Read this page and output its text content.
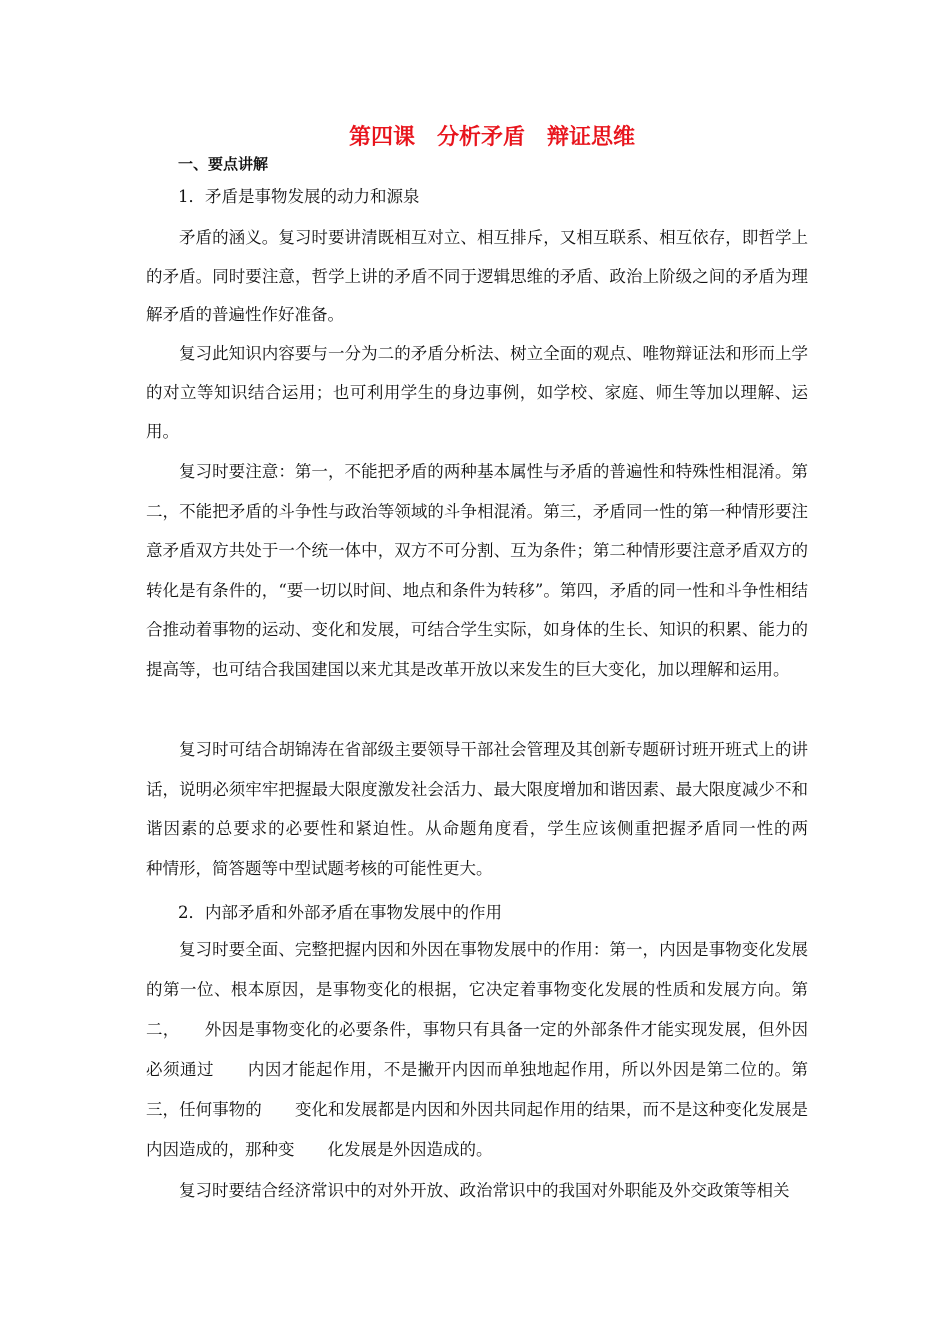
第四课　分析矛盾　辩证思维
一、要点讲解
1．矛盾是事物发展的动力和源泉

矛盾的涵义。复习时要讲清既相互对立、相互排斥，又相互联系、相互依存，即哲学上的矛盾。同时要注意，哲学上讲的矛盾不同于逻辑思维的矛盾、政治上阶级之间的矛盾为理解矛盾的普遍性作好准备。

复习此知识内容要与一分为二的矛盾分析法、树立全面的观点、唯物辩证法和形而上学的对立等知识结合运用；也可利用学生的身边事例，如学校、家庭、师生等加以理解、运用。

复习时要注意：第一，不能把矛盾的两种基本属性与矛盾的普遍性和特殊性相混淆。第二，不能把矛盾的斗争性与政治等领域的斗争相混淆。第三，矛盾同一性的第一种情形要注意矛盾双方共处于一个统一体中，双方不可分割、互为条件；第二种情形要注意矛盾双方的转化是有条件的，“要一切以时间、地点和条件为转移”。第四，矛盾的同一性和斗争性相结合推动着事物的运动、变化和发展，可结合学生实际，如身体的生长、知识的积累、能力的提高等，也可结合我国建国以来尤其是改革开放以来发生的巨大变化，加以理解和运用。

复习时可结合胡锦涛在省部级主要领导干部社会管理及其创新专题研讨班开班式上的讲话，说明必须牢牢把握最大限度激发社会活力、最大限度增加和谐因素、最大限度减少不和谐因素的总要求的必要性和紧迫性。从命题角度看，学生应该侧重把握矛盾同一性的两　　种情形，简答题等中型试题考核的可能性更大。

2．内部矛盾和外部矛盾在事物发展中的作用

复习时要全面、完整把握内因和外因在事物发展中的作用：第一，内因是事物变化发展　　的第一位、根本原因，是事物变化的根据，它决定着事物变化发展的性质和发展方向。第二，　　外因是事物变化的必要条件，事物只有具备一定的外部条件才能实现发展，但外因必须通过　　内因才能起作用，不是撇开内因而单独地起作用，所以外因是第二位的。第三，任何事物的　　变化和发展都是内因和外因共同起作用的结果，而不是这种变化发展是内因造成的，那种变　　化发展是外因造成的。

复习时要结合经济常识中的对外开放、政治常识中的我国对外职能及外交政策等相关
